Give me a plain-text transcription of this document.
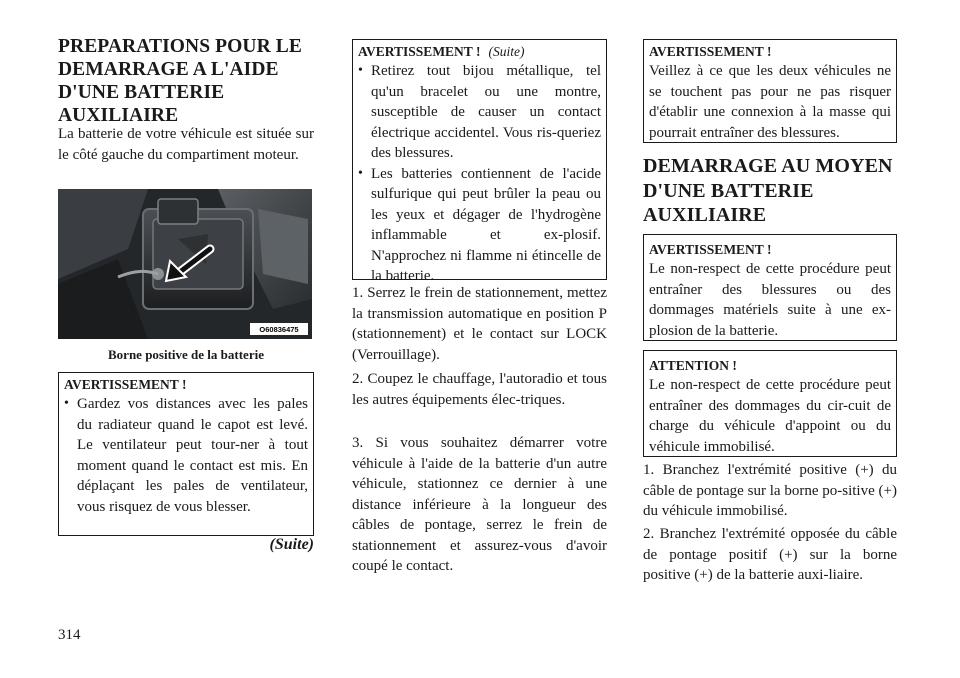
PREPARATIONS POUR LE DEMARRAGE A L'AIDE D'UNE BATTERIE AUXILIAIRE

La batterie de votre véhicule est située sur le côté gauche du compartiment moteur.

O60836475
Borne positive de la batterie
AVERTISSEMENT !
• Gardez vos distances avec les pales du radiateur quand le capot est levé. Le ventilateur peut tour-ner à tout moment quand le contact est mis. En déplaçant les pales de ventilateur, vous risquez de vous blesser.
(Suite)
AVERTISSEMENT ! (Suite)
• Retirez tout bijou métallique, tel qu'un bracelet ou une montre, susceptible de causer un contact électrique accidentel. Vous ris-queriez des blessures.
• Les batteries contiennent de l'acide sulfurique qui peut brûler la peau ou les yeux et dégager de l'hydrogène inflammable et ex-plosif. N'approchez ni flamme ni étincelle de la batterie.

1. Serrez le frein de stationnement, mettez la transmission automatique en position P (stationnement) et le contact sur LOCK (Verrouillage).

2. Coupez le chauffage, l'autoradio et tous les autres équipements élec-triques.

3. Si vous souhaitez démarrer votre véhicule à l'aide de la batterie d'un autre véhicule, stationnez ce dernier à une distance inférieure à la longueur des câbles de pontage, serrez le frein de stationnement et assurez-vous d'avoir coupé le contact.

AVERTISSEMENT !

Veillez à ce que les deux véhicules ne se touchent pas pour ne pas risquer d'établir une connexion à la masse qui pourrait entraîner des blessures.

DEMARRAGE AU MOYEN D'UNE BATTERIE AUXILIAIRE
AVERTISSEMENT !

Le non-respect de cette procédure peut entraîner des blessures ou des dommages matériels suite à une ex-plosion de la batterie.

ATTENTION !

Le non-respect de cette procédure peut entraîner des dommages du cir-cuit de charge du véhicule d'appoint ou du véhicule immobilisé.

1. Branchez l'extrémité positive (+) du câble de pontage sur la borne po-sitive (+) du véhicule immobilisé.

2. Branchez l'extrémité opposée du câble de pontage positif (+) sur la borne positive (+) de la batterie auxi-liaire.

314
